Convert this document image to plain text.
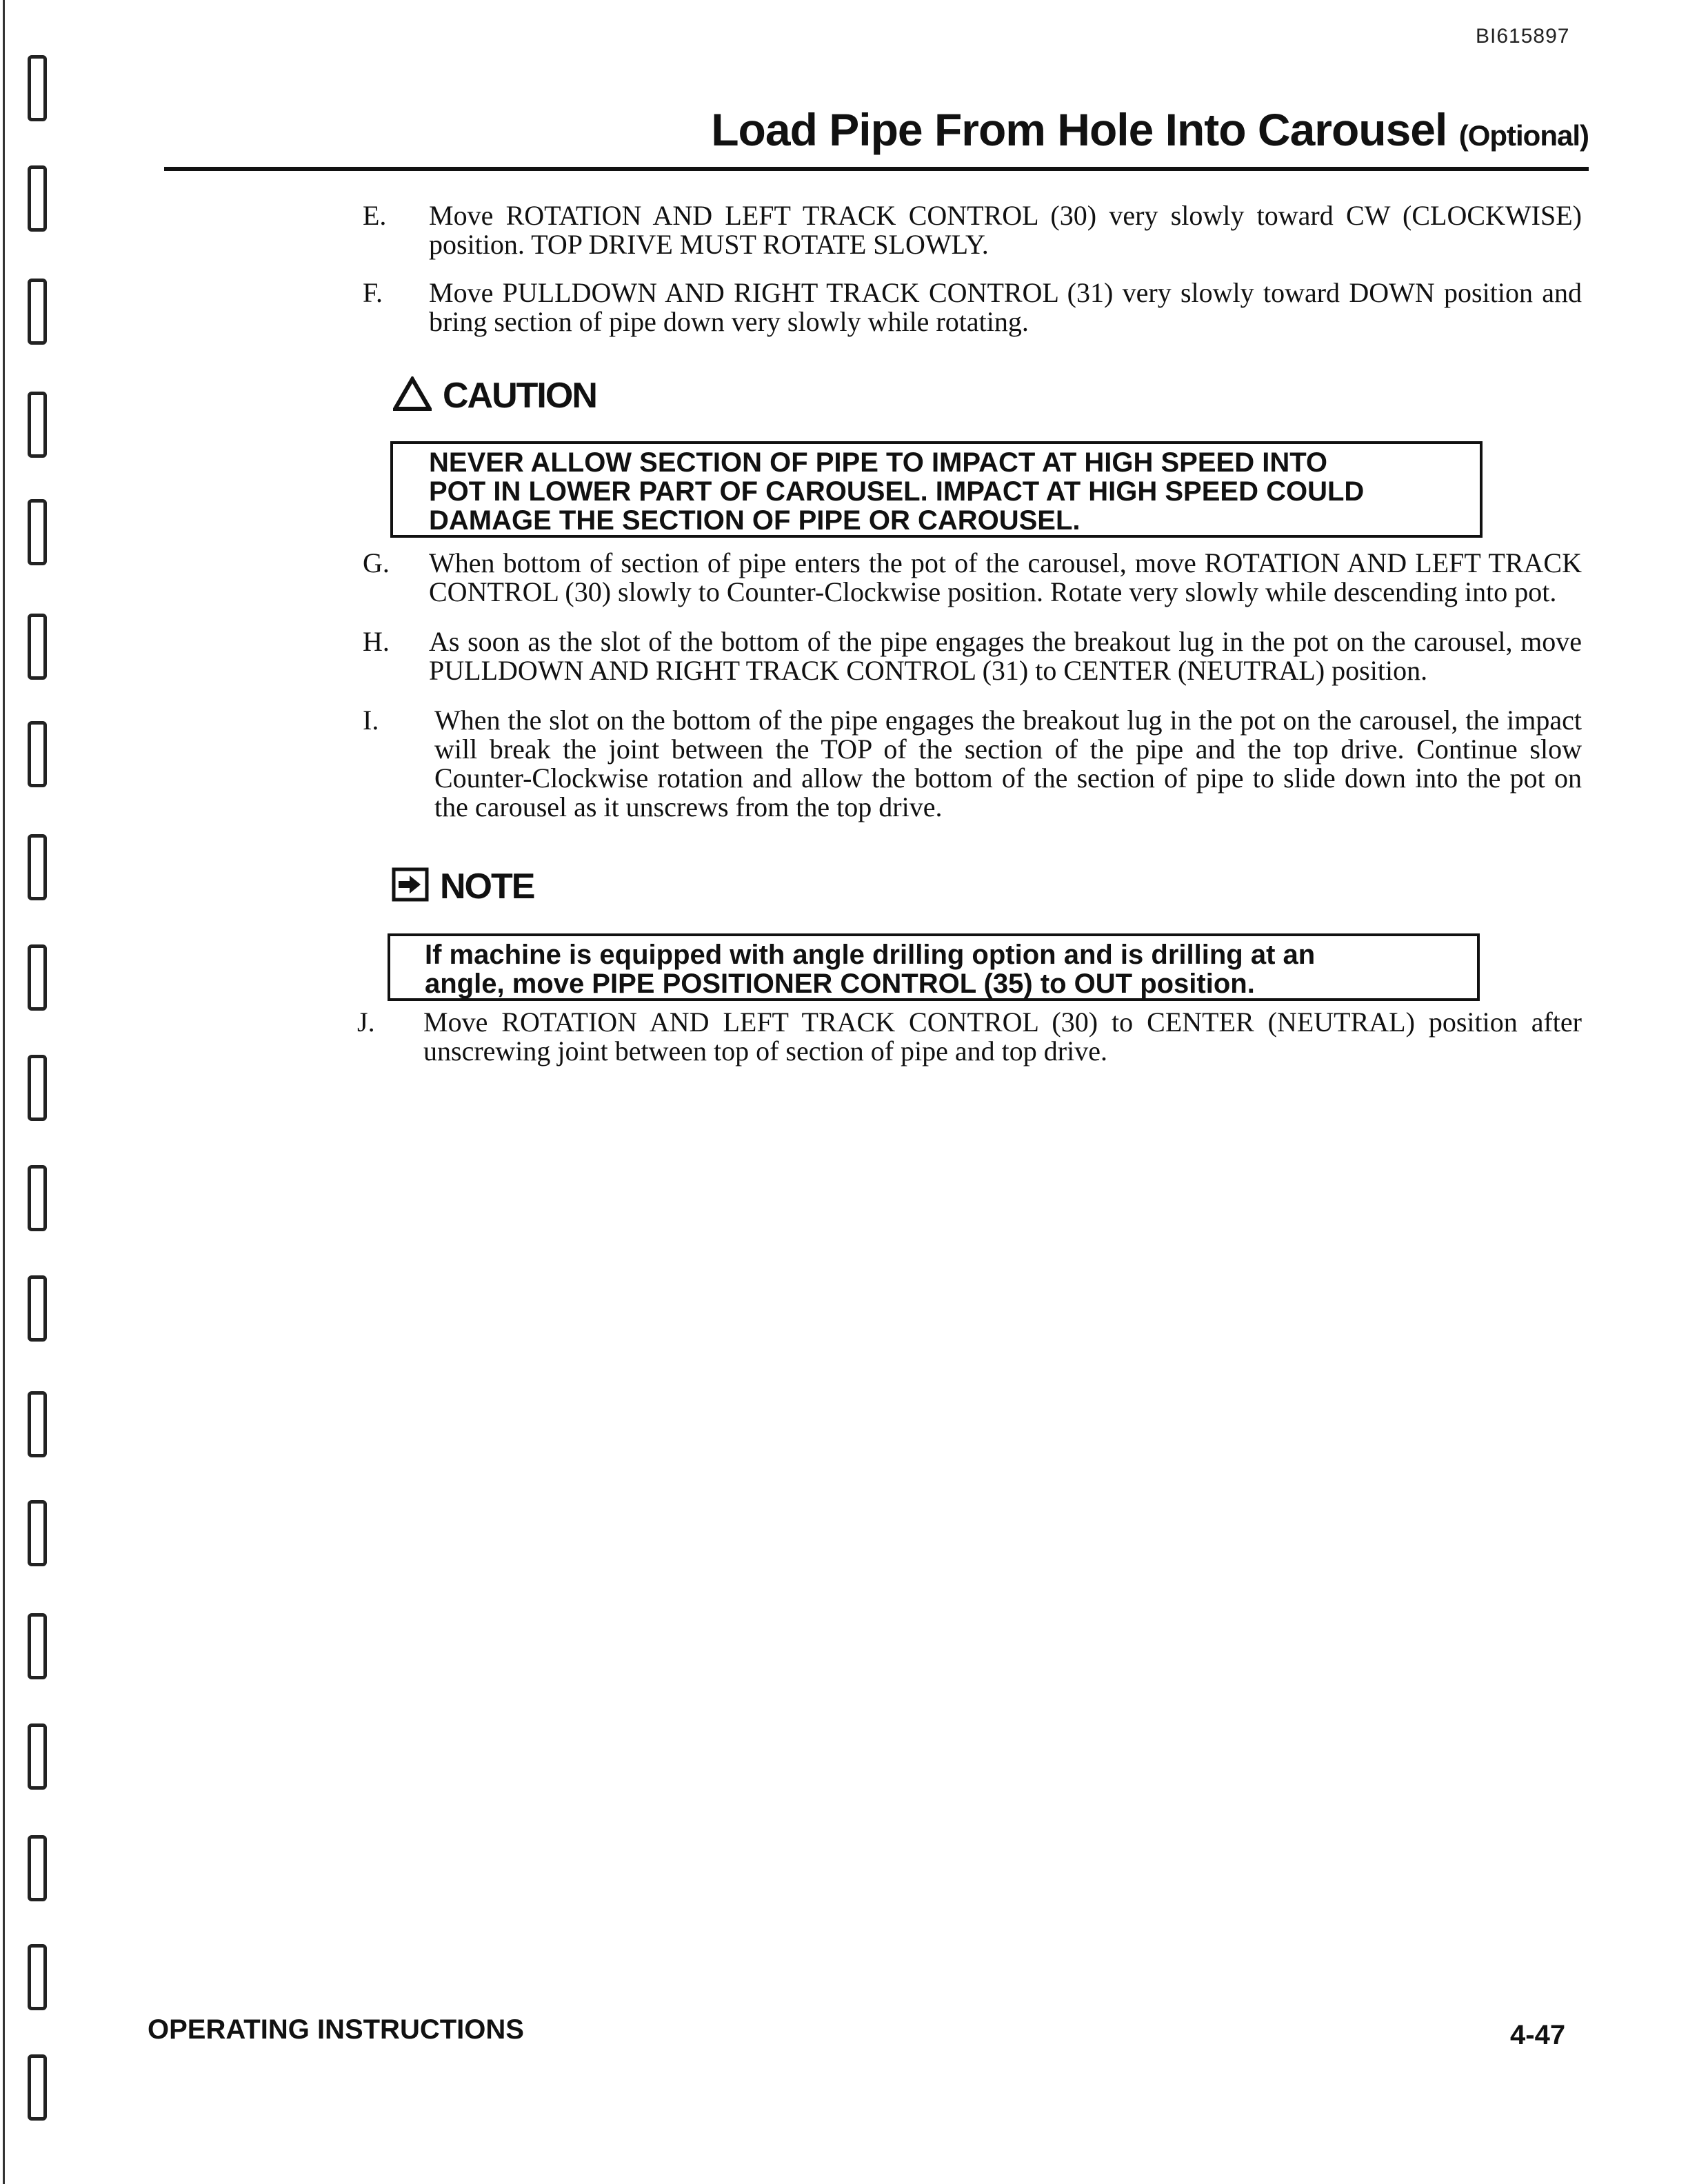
BI615897
Load Pipe From Hole Into Carousel (Optional)
E. Move ROTATION AND LEFT TRACK CONTROL (30) very slowly toward CW (CLOCKWISE) position. TOP DRIVE MUST ROTATE SLOWLY.
F. Move PULLDOWN AND RIGHT TRACK CONTROL (31) very slowly toward DOWN position and bring section of pipe down very slowly while rotating.
CAUTION
NEVER ALLOW SECTION OF PIPE TO IMPACT AT HIGH SPEED INTO
POT IN LOWER PART OF CAROUSEL. IMPACT AT HIGH SPEED COULD
DAMAGE THE SECTION OF PIPE OR CAROUSEL.
G. When bottom of section of pipe enters the pot of the carousel, move ROTATION AND LEFT TRACK CONTROL (30) slowly to Counter-Clockwise position. Rotate very slowly while descending into pot.
H. As soon as the slot of the bottom of the pipe engages the breakout lug in the pot on the carousel, move PULLDOWN AND RIGHT TRACK CONTROL (31) to CENTER (NEUTRAL) position.
I. When the slot on the bottom of the pipe engages the breakout lug in the pot on the carousel, the impact will break the joint between the TOP of the section of the pipe and the top drive. Continue slow Counter-Clockwise rotation and allow the bottom of the section of pipe to slide down into the pot on the carousel as it unscrews from the top drive.
NOTE
If machine is equipped with angle drilling option and is drilling at an
angle, move PIPE POSITIONER CONTROL (35) to OUT position.
J. Move ROTATION AND LEFT TRACK CONTROL (30) to CENTER (NEUTRAL) position after unscrewing joint between top of section of pipe and top drive.
OPERATING INSTRUCTIONS	4-47
